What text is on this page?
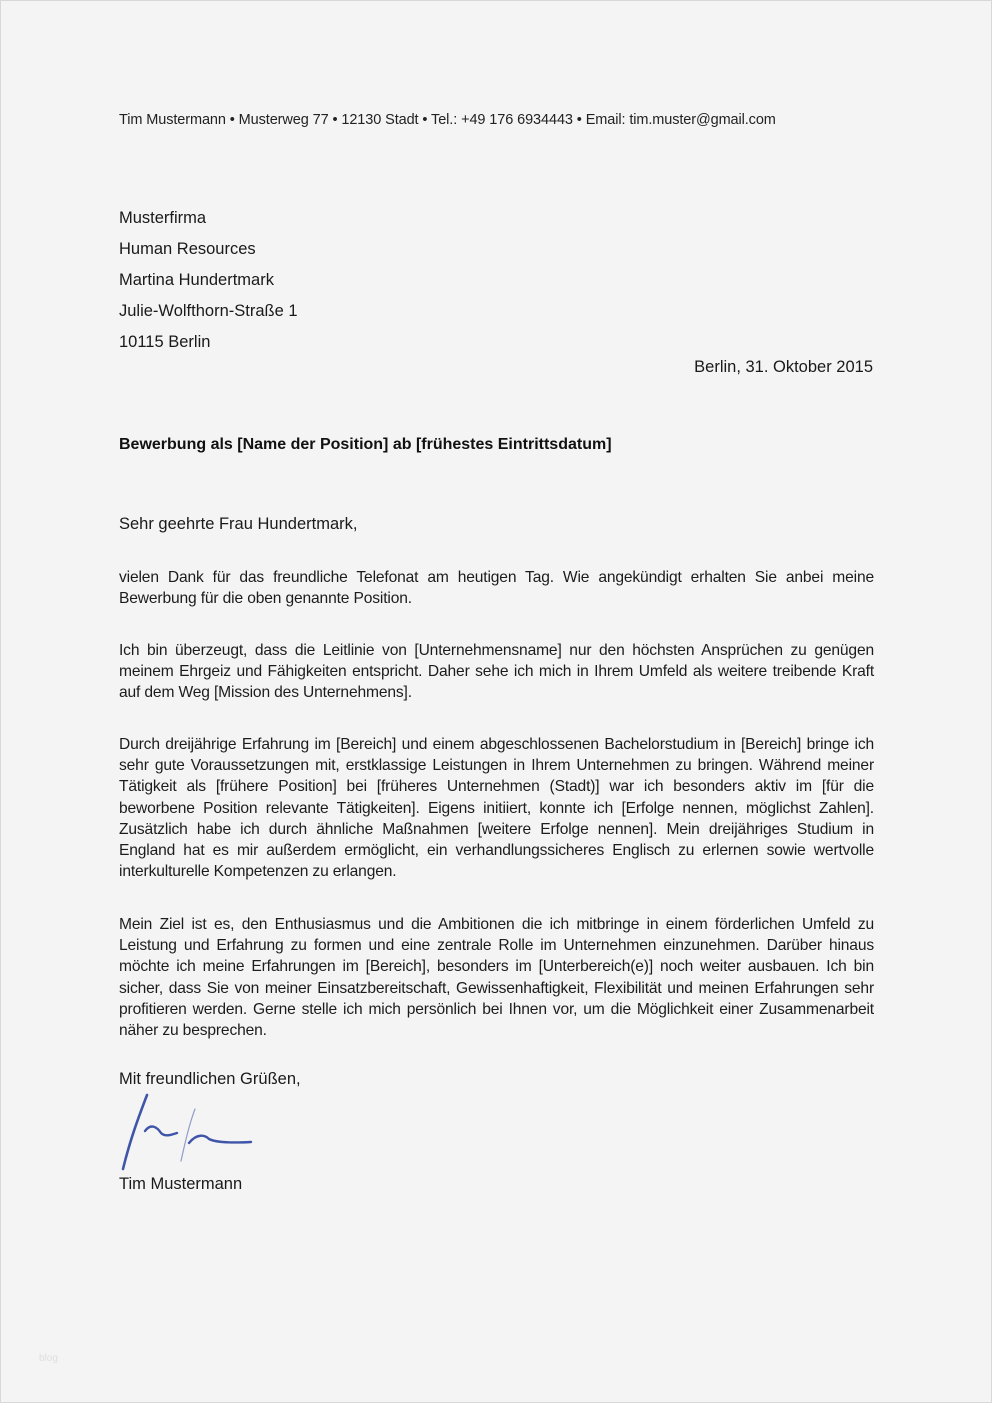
Tim Mustermann • Musterweg 77 • 12130 Stadt • Tel.: +49 176 6934443 • Email: tim.muster@gmail.com
Musterfirma
Human Resources
Martina Hundertmark
Julie-Wolfthorn-Straße 1
10115 Berlin
Berlin, 31. Oktober 2015
Bewerbung als [Name der Position] ab [frühestes Eintrittsdatum]
Sehr geehrte Frau Hundertmark,
vielen Dank für das freundliche Telefonat am heutigen Tag. Wie angekündigt erhalten Sie anbei meine Bewerbung für die oben genannte Position.
Ich bin überzeugt, dass die Leitlinie von [Unternehmensname] nur den höchsten Ansprüchen zu genügen meinem Ehrgeiz und Fähigkeiten entspricht. Daher sehe ich mich in Ihrem Umfeld als weitere treibende Kraft auf dem Weg [Mission des Unternehmens].
Durch dreijährige Erfahrung im [Bereich] und einem abgeschlossenen Bachelorstudium in [Bereich] bringe ich sehr gute Voraussetzungen mit, erstklassige Leistungen in Ihrem Unternehmen zu bringen. Während meiner Tätigkeit als [frühere Position] bei [früheres Unternehmen (Stadt)] war ich besonders aktiv im [für die beworbene Position relevante Tätigkeiten]. Eigens initiiert, konnte ich [Erfolge nennen, möglichst Zahlen]. Zusätzlich habe ich durch ähnliche Maßnahmen [weitere Erfolge nennen]. Mein dreijähriges Studium in England hat es mir außerdem ermöglicht, ein verhandlungssicheres Englisch zu erlernen sowie wertvolle interkulturelle Kompetenzen zu erlangen.
Mein Ziel ist es, den Enthusiasmus und die Ambitionen die ich mitbringe in einem förderlichen Umfeld zu Leistung und Erfahrung zu formen und eine zentrale Rolle im Unternehmen einzunehmen. Darüber hinaus möchte ich meine Erfahrungen im [Bereich], besonders im [Unterbereich(e)] noch weiter ausbauen. Ich bin sicher, dass Sie von meiner Einsatzbereitschaft, Gewissenhaftigkeit, Flexibilität und meinen Erfahrungen sehr profitieren werden. Gerne stelle ich mich persönlich bei Ihnen vor, um die Möglichkeit einer Zusammenarbeit näher zu besprechen.
Mit freundlichen Grüßen,
Tim Mustermann
blog
